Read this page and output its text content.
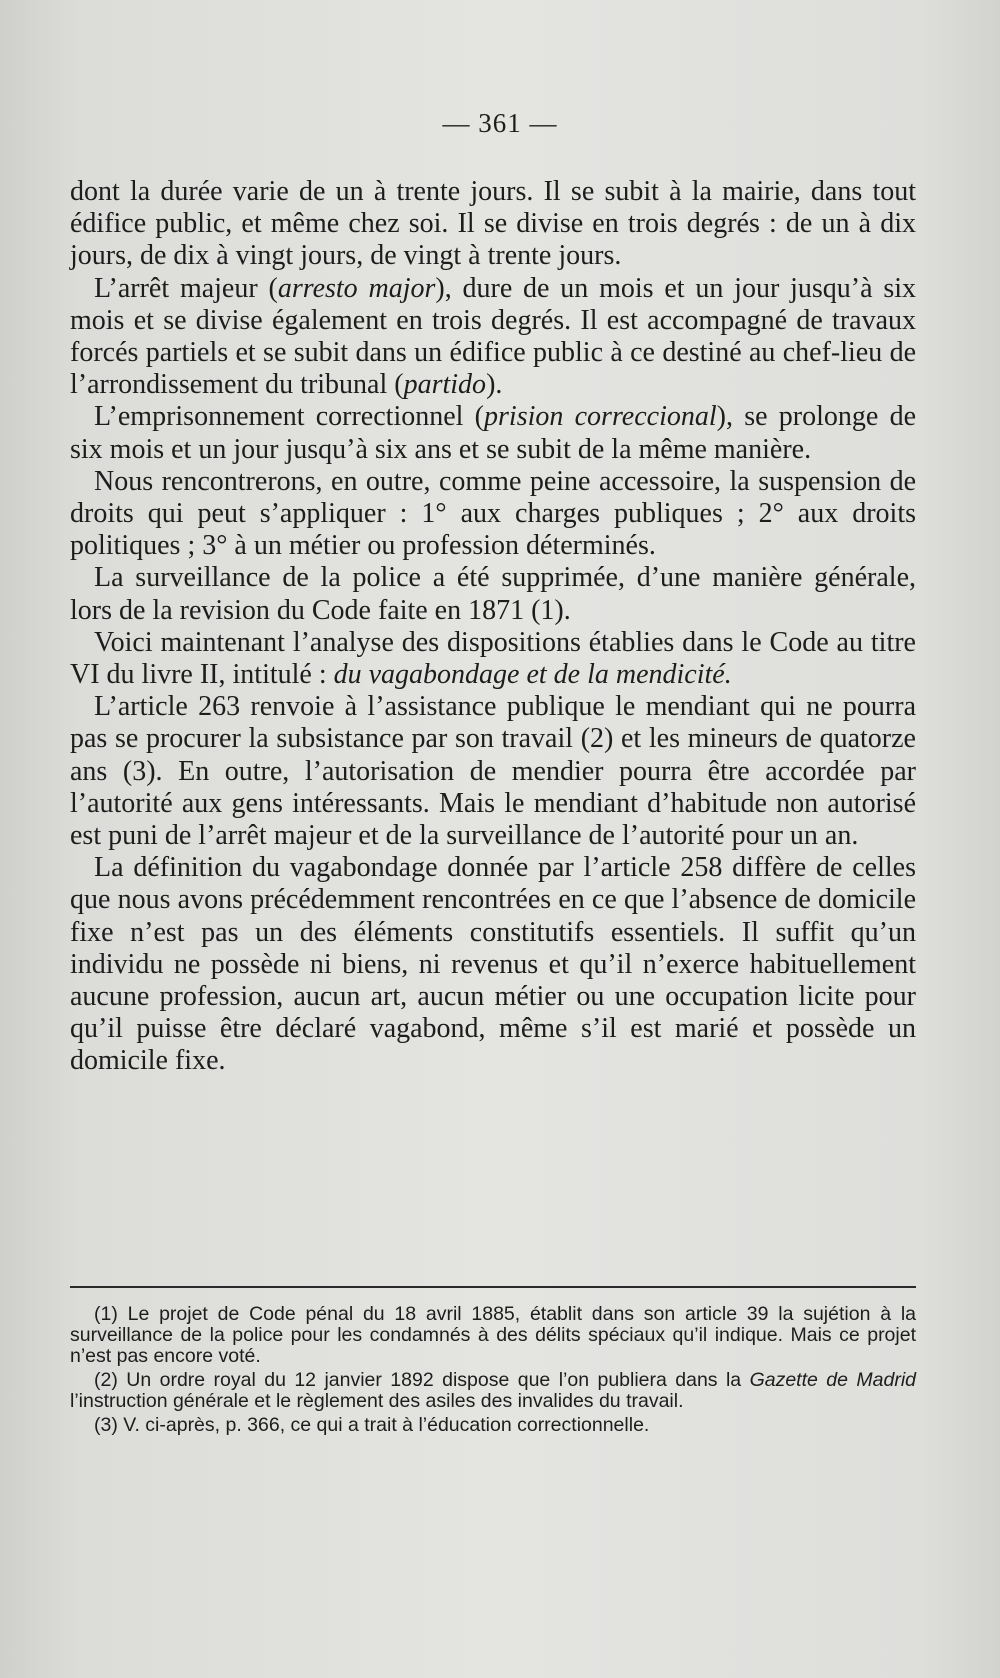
— 361 —

dont la durée varie de un à trente jours. Il se subit à la mairie, dans tout édifice public, et même chez soi. Il se divise en trois degrés : de un à dix jours, de dix à vingt jours, de vingt à trente jours.

L’arrêt majeur (arresto major), dure de un mois et un jour jusqu’à six mois et se divise également en trois degrés. Il est accompagné de travaux forcés partiels et se subit dans un édifice public à ce destiné au chef-lieu de l’arrondissement du tribunal (partido).

L’emprisonnement correctionnel (prision correccional), se prolonge de six mois et un jour jusqu’à six ans et se subit de la même manière.

Nous rencontrerons, en outre, comme peine accessoire, la suspension de droits qui peut s’appliquer : 1° aux charges publiques ; 2° aux droits politiques ; 3° à un métier ou profession déterminés.

La surveillance de la police a été supprimée, d’une manière générale, lors de la revision du Code faite en 1871 (1).

Voici maintenant l’analyse des dispositions établies dans le Code au titre VI du livre II, intitulé : du vagabondage et de la mendicité.

L’article 263 renvoie à l’assistance publique le mendiant qui ne pourra pas se procurer la subsistance par son travail (2) et les mineurs de quatorze ans (3). En outre, l’autorisation de mendier pourra être accordée par l’autorité aux gens intéressants. Mais le mendiant d’habitude non autorisé est puni de l’arrêt majeur et de la surveillance de l’autorité pour un an.

La définition du vagabondage donnée par l’article 258 diffère de celles que nous avons précédemment rencontrées en ce que l’absence de domicile fixe n’est pas un des éléments constitutifs essentiels. Il suffit qu’un individu ne possède ni biens, ni revenus et qu’il n’exerce habituellement aucune profession, aucun art, aucun métier ou une occupation licite pour qu’il puisse être déclaré vagabond, même s’il est marié et possède un domicile fixe.

(1) Le projet de Code pénal du 18 avril 1885, établit dans son article 39 la sujétion à la surveillance de la police pour les condamnés à des délits spéciaux qu’il indique. Mais ce projet n’est pas encore voté.

(2) Un ordre royal du 12 janvier 1892 dispose que l’on publiera dans la Gazette de Madrid l’instruction générale et le règlement des asiles des invalides du travail.

(3) V. ci-après, p. 366, ce qui a trait à l’éducation correctionnelle.
